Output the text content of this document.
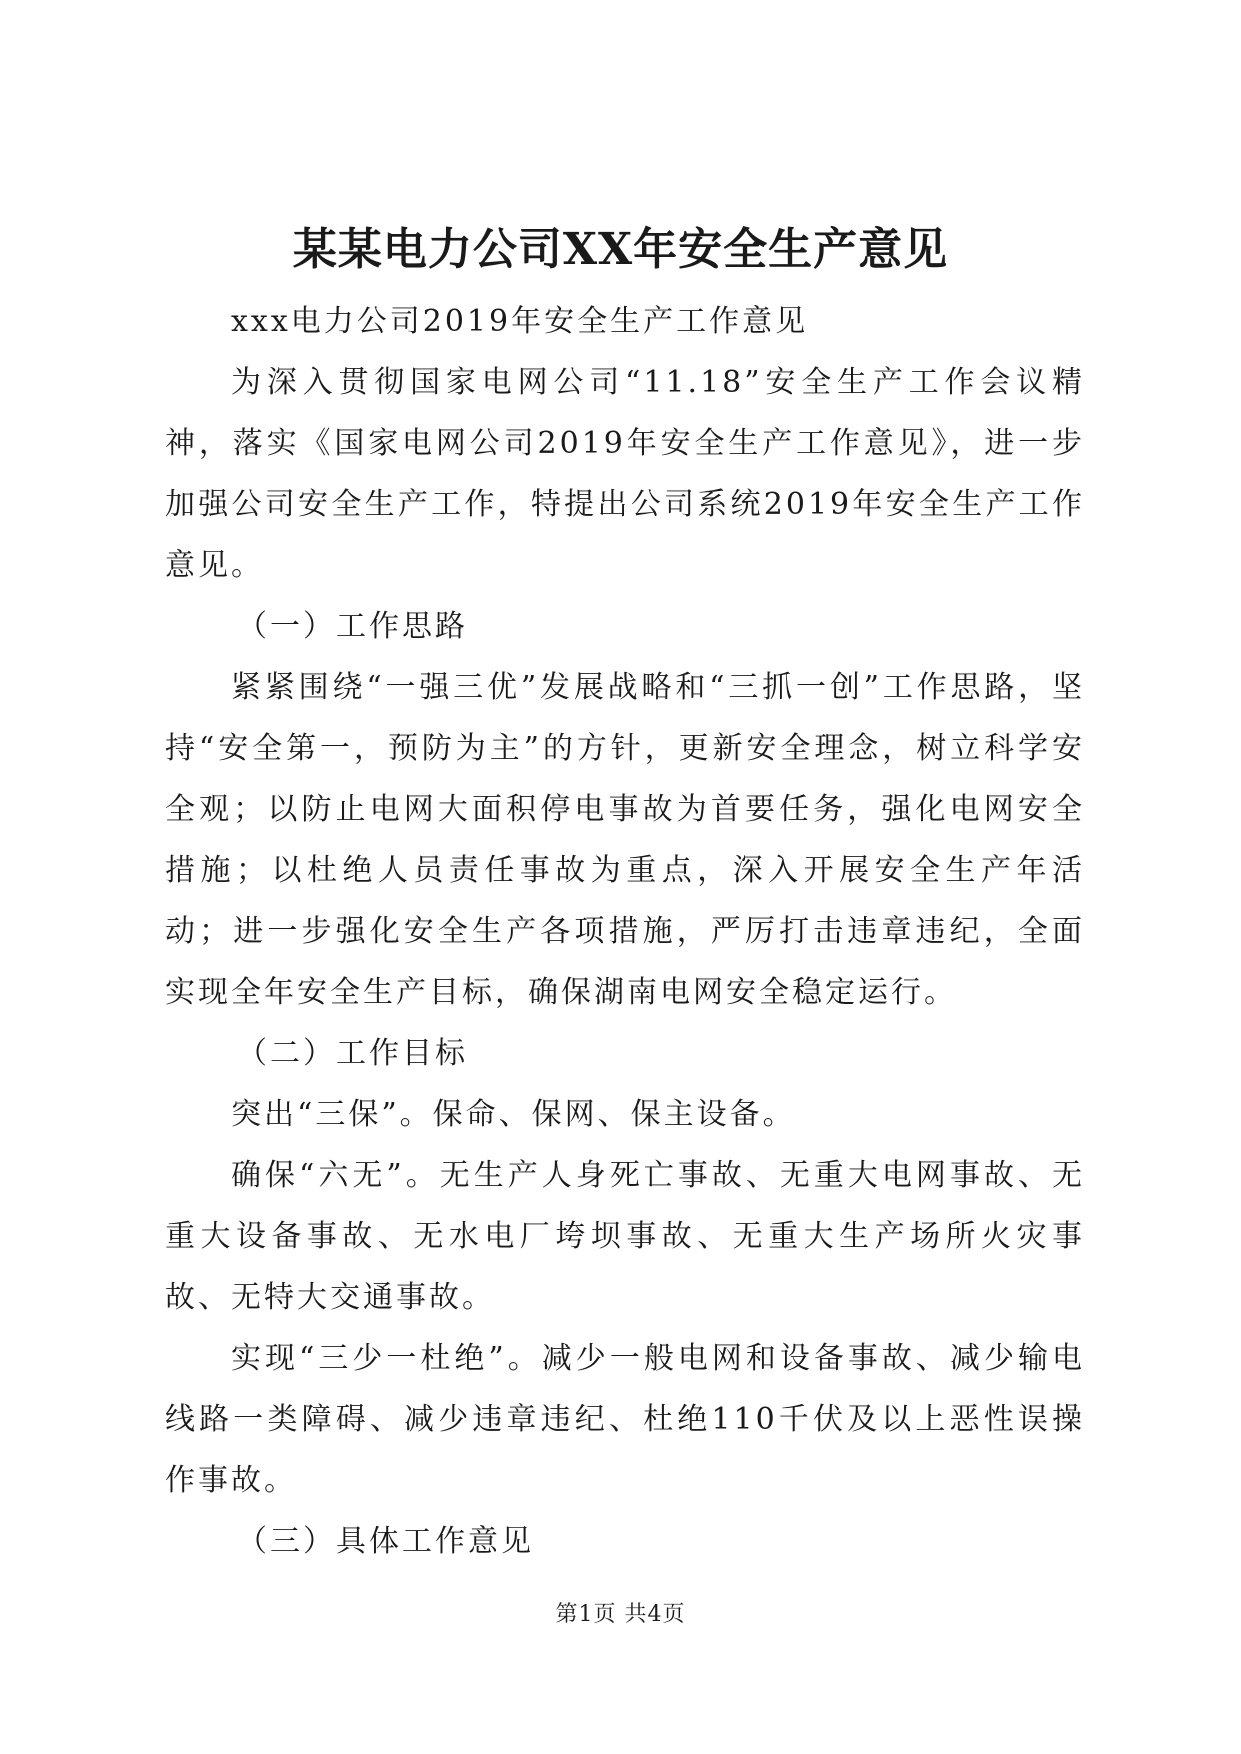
某某电力公司XX年安全生产意见

xxx电力公司2019年安全生产工作意见

为深入贯彻国家电网公司“11.18”安全生产工作会议精神，落实《国家电网公司2019年安全生产工作意见》，进一步加强公司安全生产工作，特提出公司系统2019年安全生产工作意见。

（一）工作思路

紧紧围绕“一强三优”发展战略和“三抓一创”工作思路，坚持“安全第一，预防为主”的方针，更新安全理念，树立科学安全观；以防止电网大面积停电事故为首要任务，强化电网安全措施；以杜绝人员责任事故为重点，深入开展安全生产年活动；进一步强化安全生产各项措施，严厉打击违章违纪，全面实现全年安全生产目标，确保湖南电网安全稳定运行。

（二）工作目标

突出“三保”。保命、保网、保主设备。

确保“六无”。无生产人身死亡事故、无重大电网事故、无重大设备事故、无水电厂垮坝事故、无重大生产场所火灾事故、无特大交通事故。

实现“三少一杜绝”。减少一般电网和设备事故、减少输电线路一类障碍、减少违章违纪、杜绝110千伏及以上恶性误操作事故。

（三）具体工作意见

第1页 共4页
